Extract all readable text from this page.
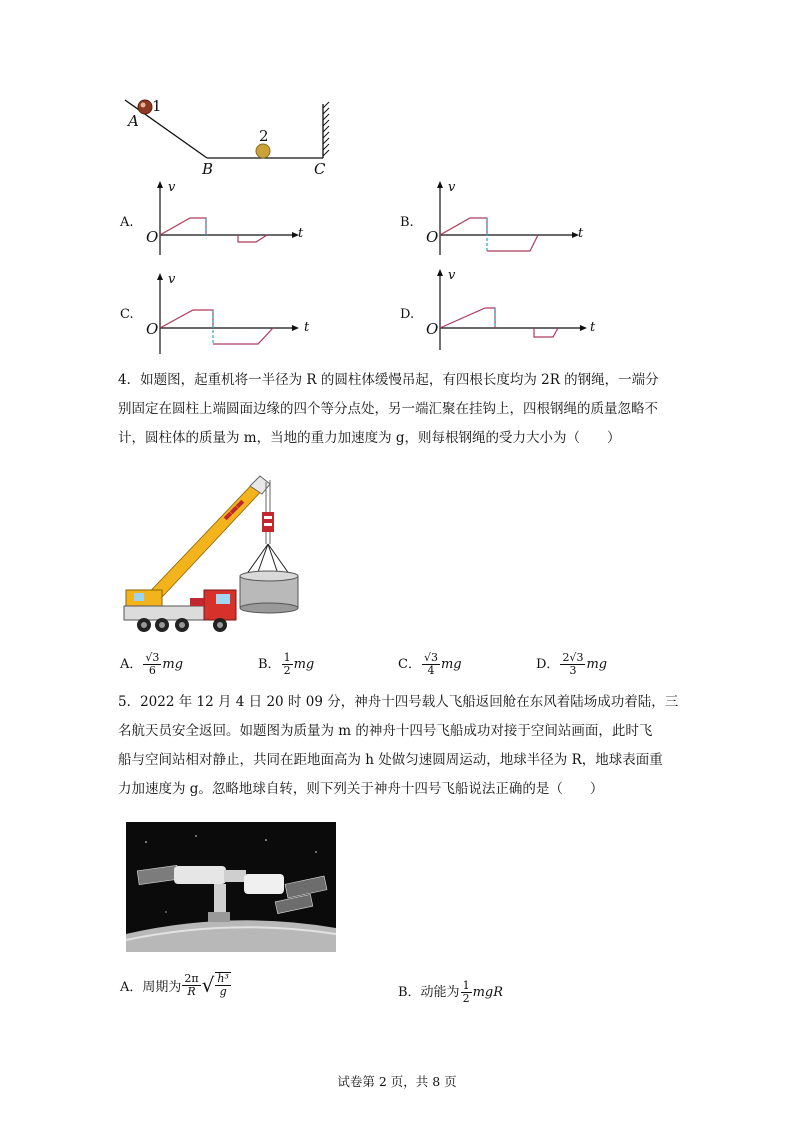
A
1
2
B	C
A.
v
O	t
B.
v
O	t
C.
v
O	t
D.
v
O	t
4．如题图，起重机将一半径为 R 的圆柱体缓慢吊起，有四根长度均为 2R 的钢绳，一端分
别固定在圆柱上端圆面边缘的四个等分点处，另一端汇聚在挂钩上，四根钢绳的质量忽略不
计，圆柱体的质量为 m，当地的重力加速度为 g，则每根钢绳的受力大小为（　　）
A． $\frac{√3}{6}$ mg	B． $\frac{1}{2}$ mg	C． $\frac{√3}{4}$ mg	D． $\frac{2√3}{3}$ mg
5．2022 年 12 月 4 日 20 时 09 分，神舟十四号载人飞船返回舱在东风着陆场成功着陆，三
名航天员安全返回。如题图为质量为 m 的神舟十四号飞船成功对接于空间站画面，此时飞
船与空间站相对静止，共同在距地面高为 h 处做匀速圆周运动，地球半径为 R，地球表面重
力加速度为 g。忽略地球自转，则下列关于神舟十四号飞船说法正确的是（　　）
A．周期为 $\frac{2\pi}{R}$ √ $\frac{\text{h³}}{g}$	B．动能为 $\frac{1}{2}$ mgR
试卷第 2 页，共 8 页
